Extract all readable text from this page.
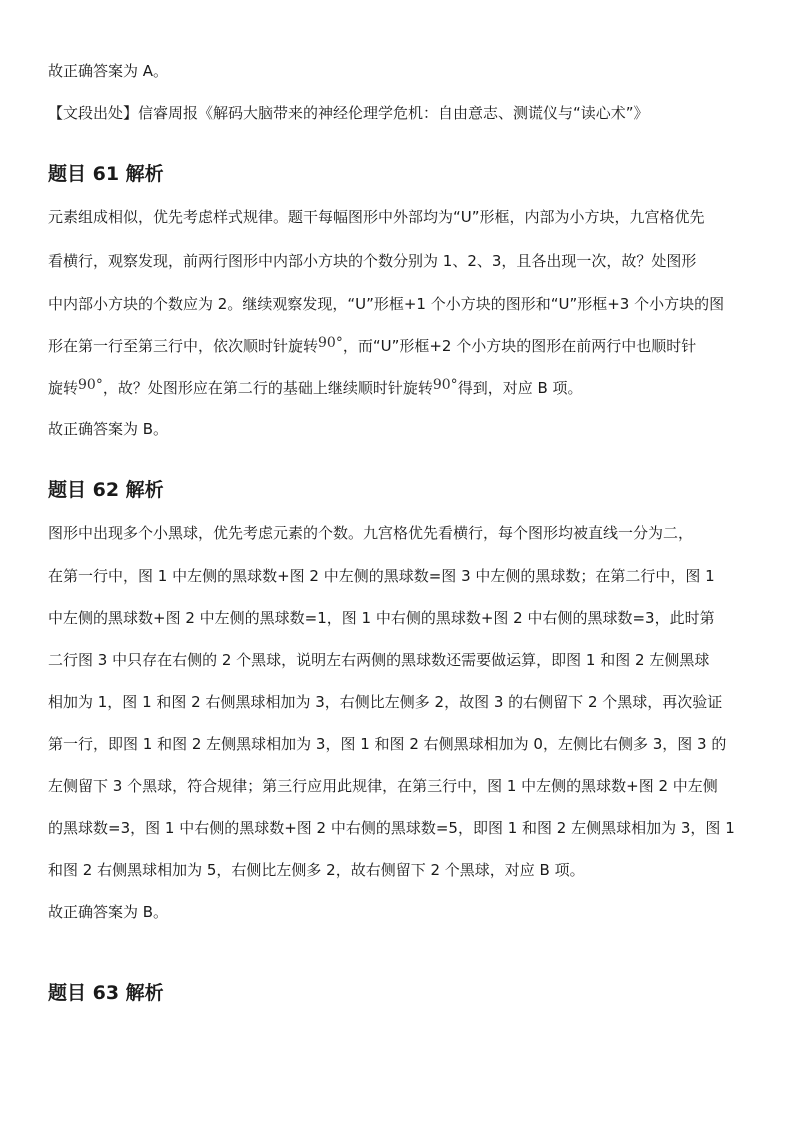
故正确答案为 A。
【文段出处】信睿周报《解码大脑带来的神经伦理学危机：自由意志、测谎仪与“读心术”》
题目 61 解析
元素组成相似，优先考虑样式规律。题干每幅图形中外部均为“U”形框，内部为小方块，九宫格优先
看横行，观察发现，前两行图形中内部小方块的个数分别为 1、2、3，且各出现一次，故？处图形
中内部小方块的个数应为 2。继续观察发现，“U”形框+1 个小方块的图形和“U”形框+3 个小方块的图
形在第一行至第三行中，依次顺时针旋转90°，而“U”形框+2 个小方块的图形在前两行中也顺时针
旋转90°，故？处图形应在第二行的基础上继续顺时针旋转90°得到，对应 B 项。
故正确答案为 B。
题目 62 解析
图形中出现多个小黑球，优先考虑元素的个数。九宫格优先看横行，每个图形均被直线一分为二，
在第一行中，图 1 中左侧的黑球数+图 2 中左侧的黑球数=图 3 中左侧的黑球数；在第二行中，图 1
中左侧的黑球数+图 2 中左侧的黑球数=1，图 1 中右侧的黑球数+图 2 中右侧的黑球数=3，此时第
二行图 3 中只存在右侧的 2 个黑球，说明左右两侧的黑球数还需要做运算，即图 1 和图 2 左侧黑球
相加为 1，图 1 和图 2 右侧黑球相加为 3，右侧比左侧多 2，故图 3 的右侧留下 2 个黑球，再次验证
第一行，即图 1 和图 2 左侧黑球相加为 3，图 1 和图 2 右侧黑球相加为 0，左侧比右侧多 3，图 3 的
左侧留下 3 个黑球，符合规律；第三行应用此规律，在第三行中，图 1 中左侧的黑球数+图 2 中左侧
的黑球数=3，图 1 中右侧的黑球数+图 2 中右侧的黑球数=5，即图 1 和图 2 左侧黑球相加为 3，图 1
和图 2 右侧黑球相加为 5，右侧比左侧多 2，故右侧留下 2 个黑球，对应 B 项。
故正确答案为 B。
题目 63 解析
